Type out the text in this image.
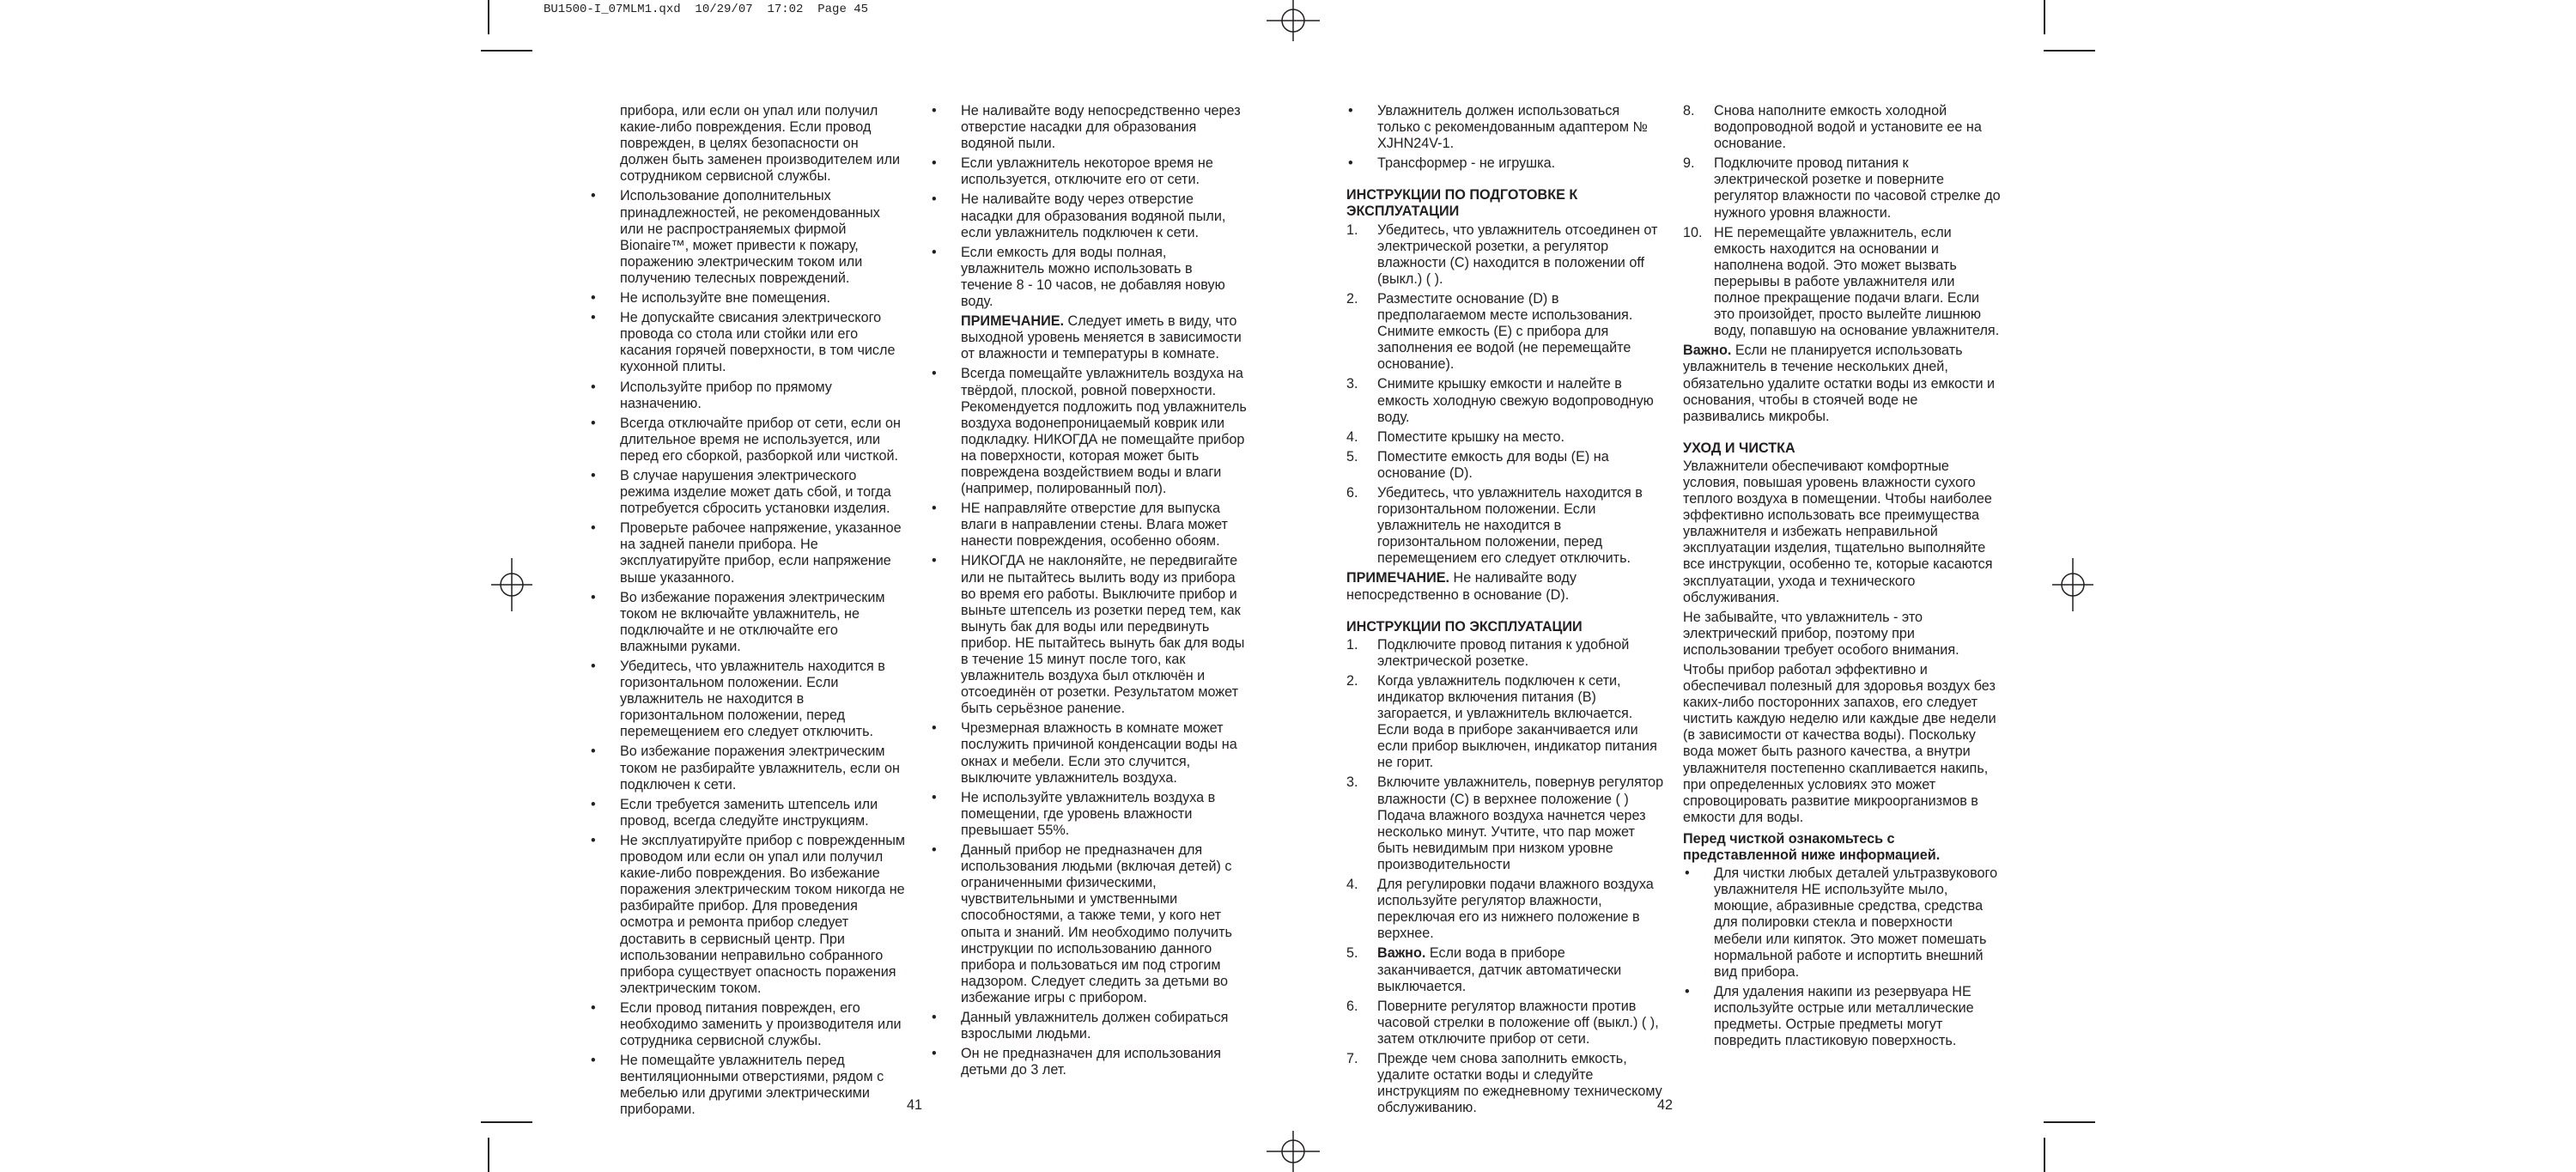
BU1500-I_07MLM1.qxd  10/29/07  17:02  Page 45

прибора, или если он упал или получил какие-либо повреждения. Если провод поврежден, в целях безопасности он должен быть заменен производителем или сотрудником сервисной службы.

• Использование дополнительных принадлежностей, не рекомендованных или не распространяемых фирмой Bionaire™, может привести к пожару, поражению электрическим током или получению телесных повреждений.
• Не используйте вне помещения.
• Не допускайте свисания электрического провода со стола или стойки или его касания горячей поверхности, в том числе кухонной плиты.
• Используйте прибор по прямому назначению.
• Всегда отключайте прибор от сети, если он длительное время не используется, или перед его сборкой, разборкой или чисткой.
• В случае нарушения электрического режима изделие может дать сбой, и тогда потребуется сбросить установки изделия.
• Проверьте рабочее напряжение, указанное на задней панели прибора. Не эксплуатируйте прибор, если напряжение выше указанного.
• Во избежание поражения электрическим током не включайте увлажнитель, не подключайте и не отключайте его влажными руками.
• Убедитесь, что увлажнитель находится в горизонтальном положении. Если увлажнитель не находится в горизонтальном положении, перед перемещением его следует отключить.
• Во избежание поражения электрическим током не разбирайте увлажнитель, если он подключен к сети.
• Если требуется заменить штепсель или провод, всегда следуйте инструкциям.
• Не эксплуатируйте прибор с поврежденным проводом или если он упал или получил какие-либо повреждения. Во избежание поражения электрическим током никогда не разбирайте прибор. Для проведения осмотра и ремонта прибор следует доставить в сервисный центр. При использовании неправильно собранного прибора существует опасность поражения электрическим током.
• Если провод питания поврежден, его необходимо заменить у производителя или сотрудника сервисной службы.
• Не помещайте увлажнитель перед вентиляционными отверстиями, рядом с мебелью или другими электрическими приборами.
• Не наливайте воду непосредственно через отверстие насадки для образования водяной пыли.
• Если увлажнитель некоторое время не используется, отключите его от сети.
• Не наливайте воду через отверстие насадки для образования водяной пыли, если увлажнитель подключен к сети.
• Если емкость для воды полная, увлажнитель можно использовать в течение 8 - 10 часов, не добавляя новую воду.

ПРИМЕЧАНИЕ. Следует иметь в виду, что выходной уровень меняется в зависимости от влажности и температуры в комнате.

• Всегда помещайте увлажнитель воздуха на твёрдой, плоской, ровной поверхности. Рекомендуется подложить под увлажнитель воздуха водонепроницаемый коврик или подкладку. НИКОГДА не помещайте прибор на поверхности, которая может быть повреждена воздействием воды и влаги (например, полированный пол).
• НЕ направляйте отверстие для выпуска влаги в направлении стены. Влага может нанести повреждения, особенно обоям.
• НИКОГДА не наклоняйте, не передвигайте или не пытайтесь вылить воду из прибора во время его работы. Выключите прибор и выньте штепсель из розетки перед тем, как вынуть бак для воды или передвинуть прибор. НЕ пытайтесь вынуть бак для воды в течение 15 минут после того, как увлажнитель воздуха был отключён и отсоединён от розетки. Результатом может быть серьёзное ранение.
• Чрезмерная влажность в комнате может послужить причиной конденсации воды на окнах и мебели. Если это случится, выключите увлажнитель воздуха.
• Не используйте увлажнитель воздуха в помещении, где уровень влажности превышает 55%.
• Данный прибор не предназначен для использования людьми (включая детей) с ограниченными физическими, чувствительными и умственными способностями, а также теми, у кого нет опыта и знаний. Им необходимо получить инструкции по использованию данного прибора и пользоваться им под строгим надзором. Следует следить за детьми во избежание игры с прибором.
• Данный увлажнитель должен собираться взрослыми людьми.
• Он не предназначен для использования детьми до 3 лет.
• Увлажнитель должен использоваться только с рекомендованным адаптером № XJHN24V-1.
• Трансформер - не игрушка.
ИНСТРУКЦИИ ПО ПОДГОТОВКЕ К ЭКСПЛУАТАЦИИ
1. Убедитесь, что увлажнитель отсоединен от электрической розетки, а регулятор влажности (C) находится в положении off (выкл.) ( ).
2. Разместите основание (D) в предполагаемом месте использования. Снимите емкость (E) с прибора для заполнения ее водой (не перемещайте основание).
3. Снимите крышку емкости и налейте в емкость холодную свежую водопроводную воду.
4. Поместите крышку на место.
5. Поместите емкость для воды (E) на основание (D).
6. Убедитесь, что увлажнитель находится в горизонтальном положении. Если увлажнитель не находится в горизонтальном положении, перед перемещением его следует отключить.

ПРИМЕЧАНИЕ. Не наливайте воду непосредственно в основание (D).

ИНСТРУКЦИИ ПО ЭКСПЛУАТАЦИИ
1. Подключите провод питания к удобной электрической розетке.
2. Когда увлажнитель подключен к сети, индикатор включения питания (B) загорается, и увлажнитель включается. Если вода в приборе заканчивается или если прибор выключен, индикатор питания не горит.
3. Включите увлажнитель, повернув регулятор влажности (C) в верхнее положение ( ) Подача влажного воздуха начнется через несколько минут. Учтите, что пар может быть невидимым при низком уровне производительности
4. Для регулировки подачи влажного воздуха используйте регулятор влажности, переключая его из нижнего положение в верхнее.
5. Важно. Если вода в приборе заканчивается, датчик автоматически выключается.
6. Поверните регулятор влажности против часовой стрелки в положение off (выкл.) ( ), затем отключите прибор от сети.
7. Прежде чем снова заполнить емкость, удалите остатки воды и следуйте инструкциям по ежедневному техническому обслуживанию.
8. Снова наполните емкость холодной водопроводной водой и установите ее на основание.
9. Подключите провод питания к электрической розетке и поверните регулятор влажности по часовой стрелке до нужного уровня влажности.
10. НЕ перемещайте увлажнитель, если емкость находится на основании и наполнена водой. Это может вызвать перерывы в работе увлажнителя или полное прекращение подачи влаги. Если это произойдет, просто вылейте лишнюю воду, попавшую на основание увлажнителя.

Важно. Если не планируется использовать увлажнитель в течение нескольких дней, обязательно удалите остатки воды из емкости и основания, чтобы в стоячей воде не развивались микробы.

УХОД И ЧИСТКА

Увлажнители обеспечивают комфортные условия, повышая уровень влажности сухого теплого воздуха в помещении. Чтобы наиболее эффективно использовать все преимущества увлажнителя и избежать неправильной эксплуатации изделия, тщательно выполняйте все инструкции, особенно те, которые касаются эксплуатации, ухода и технического обслуживания.

Не забывайте, что увлажнитель - это электрический прибор, поэтому при использовании требует особого внимания.

Чтобы прибор работал эффективно и обеспечивал полезный для здоровья воздух без каких-либо посторонних запахов, его следует чистить каждую неделю или каждые две недели (в зависимости от качества воды). Поскольку вода может быть разного качества, а внутри увлажнителя постепенно скапливается накипь, при определенных условиях это может спровоцировать развитие микроорганизмов в емкости для воды.

Перед чисткой ознакомьтесь с представленной ниже информацией.
• Для чистки любых деталей ультразвукового увлажнителя НЕ используйте мыло, моющие, абразивные средства, средства для полировки стекла и поверхности мебели или кипяток. Это может помешать нормальной работе и испортить внешний вид прибора.
• Для удаления накипи из резервуара НЕ используйте острые или металлические предметы. Острые предметы могут повредить пластиковую поверхность.
41	42
